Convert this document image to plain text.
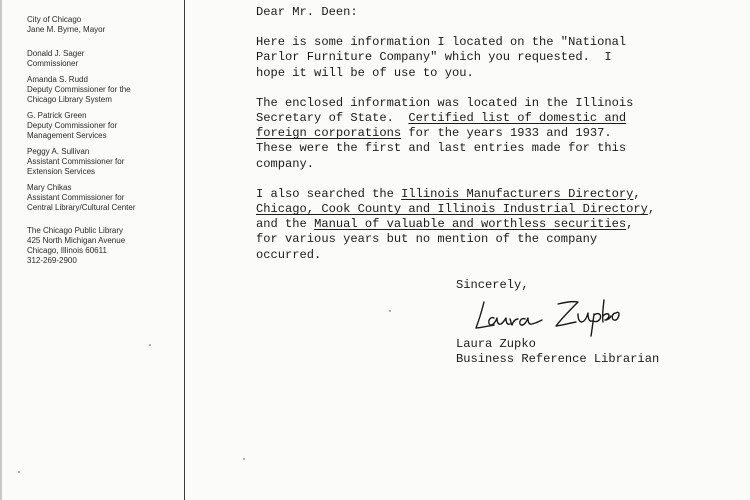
City of Chicago
Jane M. Byrne, Mayor
Donald J. Sager
Commissioner
Amanda S. Rudd
Deputy Commissioner for the
Chicago Library System
G. Patrick Green
Deputy Commissioner for
Management Services
Peggy A. Sullivan
Assistant Commissioner for
Extension Services
Mary Chikas
Assistant Commissioner for
Central Library/Cultural Center
The Chicago Public Library
425 North Michigan Avenue
Chicago, Illinois 60611
312-269-2900

Dear Mr. Deen:

Here is some information I located on the "National

Parlor Furniture Company" which you requested.  I

hope it will be of use to you.

The enclosed information was located in the Illinois

Secretary of State.  Certified list of domestic and

foreign corporations for the years 1933 and 1937.

These were the first and last entries made for this

company.

I also searched the Illinois Manufacturers Directory,

Chicago, Cook County and Illinois Industrial Directory,

and the Manual of valuable and worthless securities,

for various years but no mention of the company

occurred.

Sincerely,
Laura Zupko
Business Reference Librarian
